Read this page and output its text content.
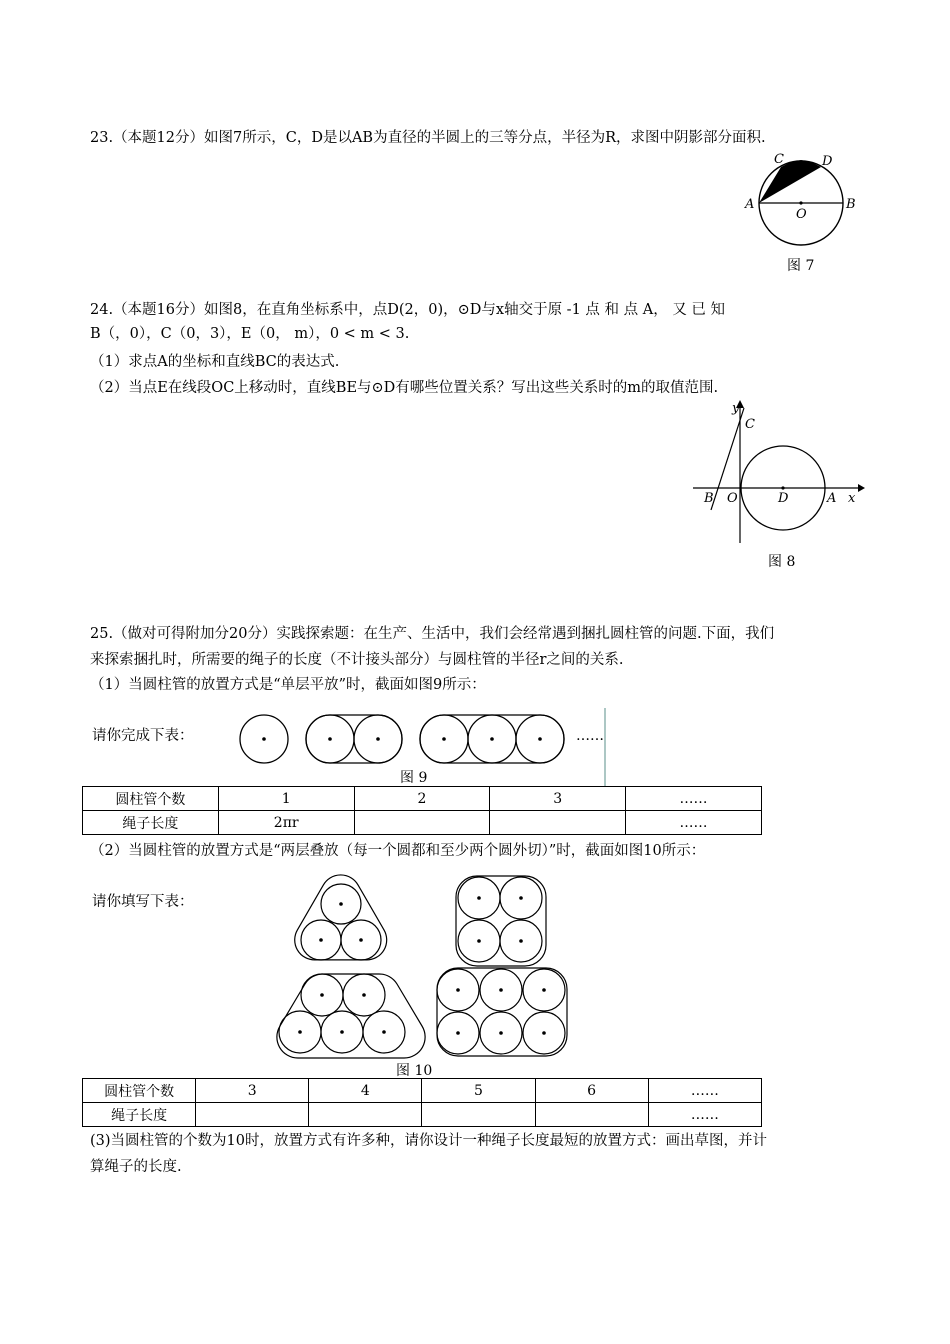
23.（本题12分）如图7所示，C，D是以AB为直径的半圆上的三等分点，半径为R，求图中阴影部分面积.
C	D
A	B
O
图 7
24.（本题16分）如图8，在直角坐标系中，点D(2，0)，⊙D与x轴交于原 -1 点 和 点 A， 又 已 知
B（，0），C（0，3），E（0， m），0 < m < 3.
（1）求点A的坐标和直线BC的表达式.
（2）当点E在线段OC上移动时，直线BE与⊙D有哪些位置关系？写出这些关系时的m的取值范围.
y
C
B O	D	A x
图 8
25.（做对可得附加分20分）实践探索题：在生产、生活中，我们会经常遇到捆扎圆柱管的问题.下面，我们
来探索捆扎时，所需要的绳子的长度（不计接头部分）与圆柱管的半径r之间的关系.
（1）当圆柱管的放置方式是“单层平放”时，截面如图9所示：
请你完成下表：	……
图 9
圆柱管个数	1	2	3	……
绳子长度	2πr			……
（2）当圆柱管的放置方式是“两层叠放（每一个圆都和至少两个圆外切）”时，截面如图10所示：
请你填写下表：
图 10
圆柱管个数	3	4	5	6	……
绳子长度					……
(3)当圆柱管的个数为10时，放置方式有许多种，请你设计一种绳子长度最短的放置方式：画出草图，并计
算绳子的长度.
